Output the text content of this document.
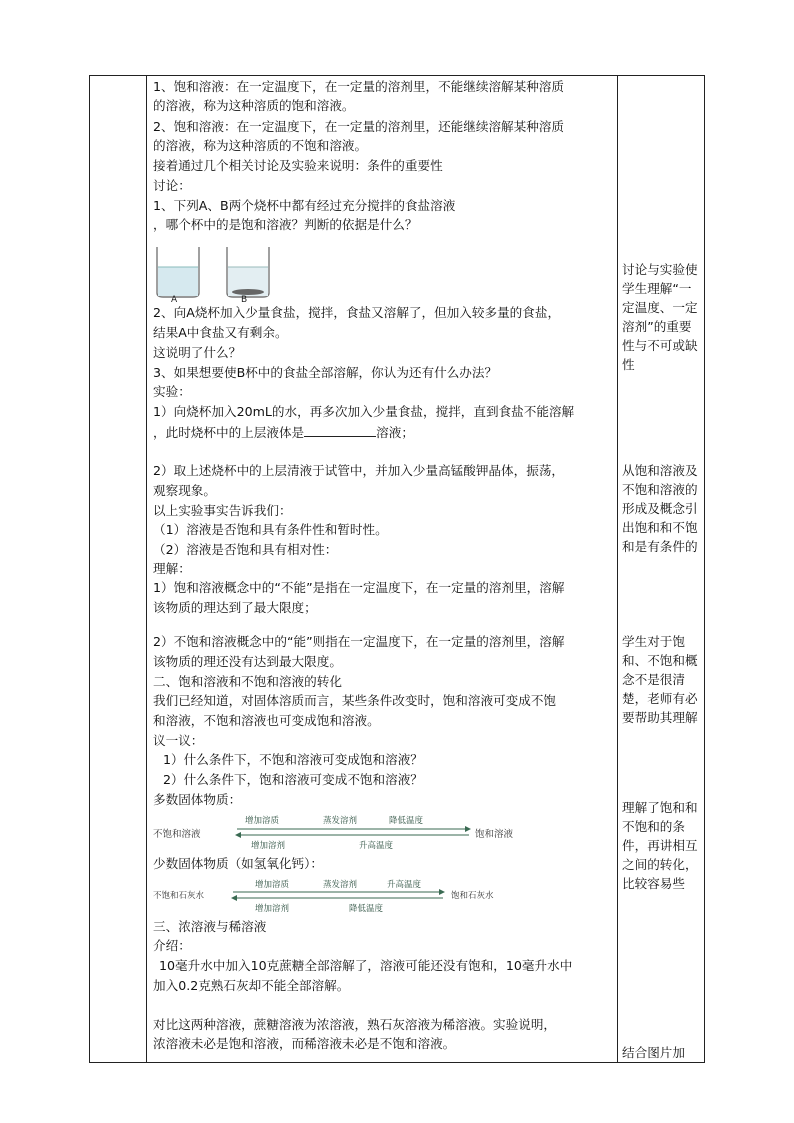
1、饱和溶液：在一定温度下，在一定量的溶剂里，不能继续溶解某种溶质
的溶液，称为这种溶质的饱和溶液。
2、饱和溶液：在一定温度下，在一定量的溶剂里，还能继续溶解某种溶质
的溶液，称为这种溶质的不饱和溶液。
接着通过几个相关讨论及实验来说明：条件的重要性
讨论：
1、下列A、B两个烧杯中都有经过充分搅拌的食盐溶液
，哪个杯中的是饱和溶液？判断的依据是什么？
A	B
2、向A烧杯加入少量食盐，搅拌，食盐又溶解了，但加入较多量的食盐，
结果A中食盐又有剩余。
这说明了什么？
3、如果想要使B杯中的食盐全部溶解，你认为还有什么办法？
实验：
1）向烧杯加入20mL的水，再多次加入少量食盐，搅拌，直到食盐不能溶解
，此时烧杯中的上层液体是	溶液；
2）取上述烧杯中的上层清液于试管中，并加入少量高锰酸钾晶体，振荡，
观察现象。
以上实验事实告诉我们：
（1）溶液是否饱和具有条件性和暂时性。
（2）溶液是否饱和具有相对性：
理解：
1）饱和溶液概念中的“不能”是指在一定温度下，在一定量的溶剂里，溶解
该物质的理达到了最大限度；
2）不饱和溶液概念中的“能”则指在一定温度下，在一定量的溶剂里，溶解
该物质的理还没有达到最大限度。
二、饱和溶液和不饱和溶液的转化
我们已经知道，对固体溶质而言，某些条件改变时，饱和溶液可变成不饱
和溶液，不饱和溶液也可变成饱和溶液。
议一议：
1）什么条件下，不饱和溶液可变成饱和溶液？
2）什么条件下，饱和溶液可变成不饱和溶液？
多数固体物质：
不饱和溶液
增加溶质	蒸发溶剂	降低温度
饱和溶液
增加溶剂	升高温度
少数固体物质（如氢氧化钙）：
不饱和石灰水
增加溶质	蒸发溶剂	升高温度
饱和石灰水
增加溶剂	降低温度
三、浓溶液与稀溶液
介绍：
10毫升水中加入10克蔗糖全部溶解了，溶液可能还没有饱和，10毫升水中
加入0.2克熟石灰却不能全部溶解。
对比这两种溶液，蔗糖溶液为浓溶液，熟石灰溶液为稀溶液。实验说明，
浓溶液未必是饱和溶液，而稀溶液未必是不饱和溶液。

讨论与实验使学生理解“一定温度、一定溶剂”的重要性与不可或缺性
从饱和溶液及不饱和溶液的形成及概念引出饱和和不饱和是有条件的
学生对于饱和、不饱和概念不是很清楚，老师有必要帮助其理解
理解了饱和和不饱和的条件，再讲相互之间的转化，比较容易些
结合图片加
